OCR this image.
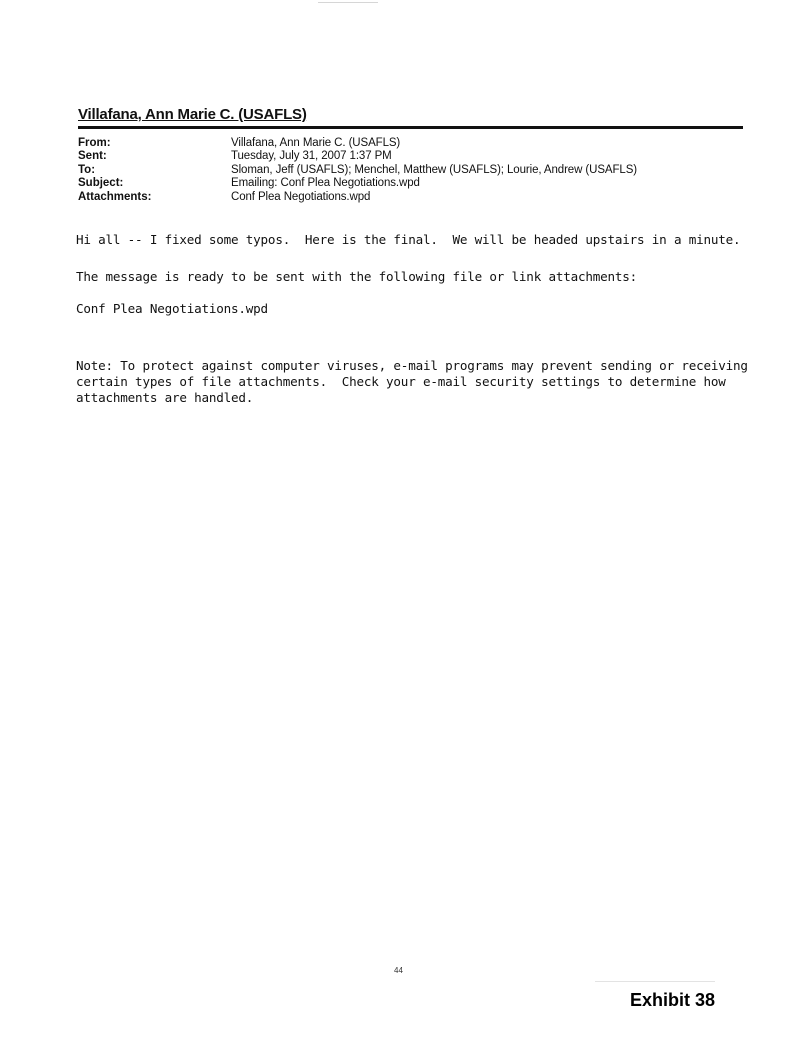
Villafana, Ann Marie C. (USAFLS)
From:	Villafana, Ann Marie C. (USAFLS)
Sent:	Tuesday, July 31, 2007 1:37 PM
To:	Sloman, Jeff (USAFLS); Menchel, Matthew (USAFLS); Lourie, Andrew (USAFLS)
Subject:	Emailing: Conf Plea Negotiations.wpd
Attachments:	Conf Plea Negotiations.wpd
Hi all -- I fixed some typos.  Here is the final.  We will be headed upstairs in a minute.
The message is ready to be sent with the following file or link attachments:
Conf Plea Negotiations.wpd
Note: To protect against computer viruses, e-mail programs may prevent sending or receiving certain types of file attachments.  Check your e-mail security settings to determine how attachments are handled.
44
Exhibit 38
